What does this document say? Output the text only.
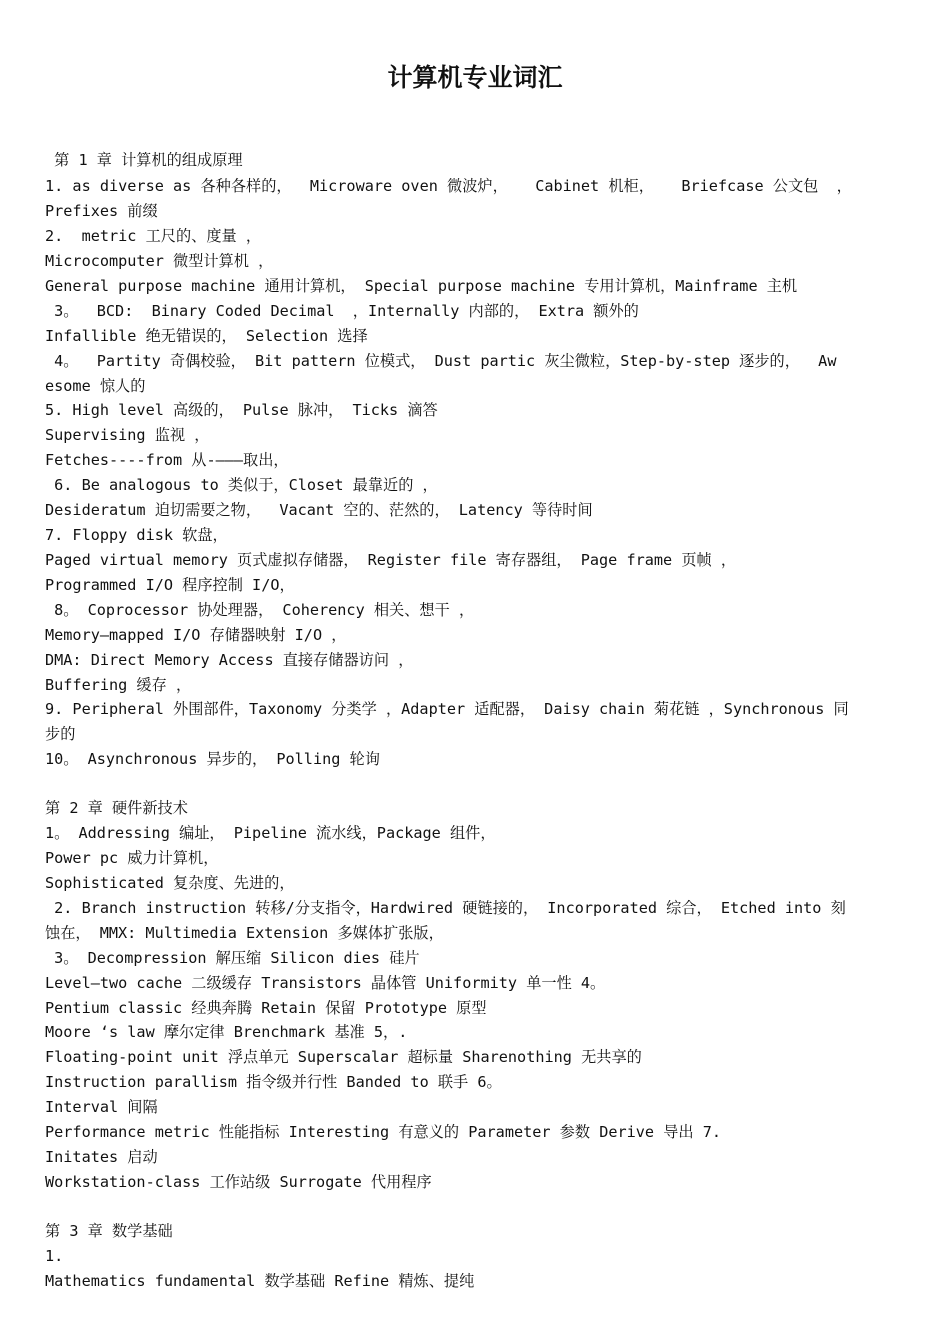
计算机专业词汇
第 1 章 计算机的组成原理
1. as diverse as 各种各样的，  Microware oven 微波炉，   Cabinet 机柜，   Briefcase 公文包  ，
Prefixes 前缀
2.  metric 工尺的、度量 ，
Microcomputer 微型计算机 ，
General purpose machine 通用计算机， Special purpose machine 专用计算机，Mainframe 主机
3。  BCD:  Binary Coded Decimal  ，Internally 内部的， Extra 额外的
Infallible 绝无错误的， Selection 选择
4。  Partity 奇偶校验， Bit pattern 位模式， Dust partic 灰尘微粒，Step-by-step 逐步的，  Aw
esome 惊人的
5. High level 高级的， Pulse 脉冲， Ticks 滴答
Supervising 监视 ，
Fetches----from 从-———取出，
6. Be analogous to 类似于，Closet 最靠近的 ，
Desideratum 迫切需要之物，  Vacant 空的、茫然的， Latency 等待时间
7. Floppy disk 软盘，
Paged virtual memory 页式虚拟存储器， Register file 寄存器组， Page frame 页帧 ，
Programmed I/O 程序控制 I/O，
8。 Coprocessor 协处理器， Coherency 相关、想干 ，
Memory—mapped I/O 存储器映射 I/O ，
DMA: Direct Memory Access 直接存储器访问 ，
Buffering 缓存 ，
9. Peripheral 外围部件，Taxonomy 分类学 ，Adapter 适配器， Daisy chain 菊花链 ，Synchronous 同
步的
10。 Asynchronous 异步的， Polling 轮询
第 2 章 硬件新技术
1。 Addressing 编址， Pipeline 流水线，Package 组件，
Power pc 威力计算机，
Sophisticated 复杂度、先进的，
2. Branch instruction 转移/分支指令，Hardwired 硬链接的， Incorporated 综合， Etched into 刻
蚀在， MMX: Multimedia Extension 多媒体扩张版，
3。 Decompression 解压缩 Silicon dies 硅片
Level—two cache 二级缓存 Transistors 晶体管 Uniformity 单一性 4。
Pentium classic 经典奔腾 Retain 保留 Prototype 原型
Moore ‘s law 摩尔定律 Brenchmark 基准 5，.
Floating-point unit 浮点单元 Superscalar 超标量 Sharenothing 无共享的
Instruction parallism 指令级并行性 Banded to 联手 6。
Interval 间隔
Performance metric 性能指标 Interesting 有意义的 Parameter 参数 Derive 导出 7.
Initates 启动
Workstation-class 工作站级 Surrogate 代用程序
第 3 章 数学基础
1.
Mathematics fundamental 数学基础 Refine 精炼、提纯
